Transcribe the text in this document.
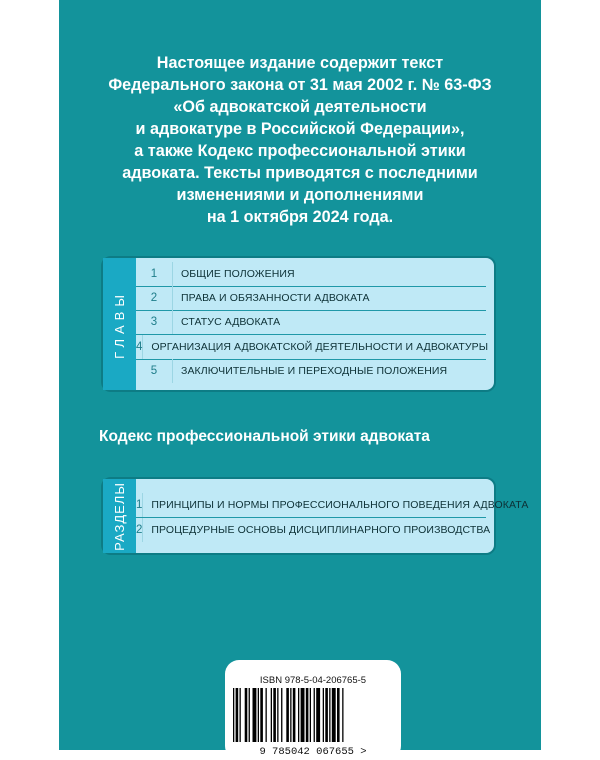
Настоящее издание содержит текст
Федерального закона от 31 мая 2002 г. № 63-ФЗ
«Об адвокатской деятельности
и адвокатуре в Российской Федерации»,
а также Кодекс профессиональной этики
адвоката. Тексты приводятся с последними
изменениями и дополнениями
на 1 октября 2024 года.
ГЛАВЫ
1	ОБЩИЕ ПОЛОЖЕНИЯ
2	ПРАВА И ОБЯЗАННОСТИ АДВОКАТА
3	СТАТУС АДВОКАТА
4 ОРГАНИЗАЦИЯ АДВОКАТСКОЙ ДЕЯТЕЛЬНОСТИ И АДВОКАТУРЫ
5	ЗАКЛЮЧИТЕЛЬНЫЕ И ПЕРЕХОДНЫЕ ПОЛОЖЕНИЯ
Кодекс профессиональной этики адвоката
РАЗДЕЛЫ 1 ПРИНЦИПЫ И НОРМЫ ПРОФЕССИОНАЛЬНОГО ПОВЕДЕНИЯ АДВОКАТА
2 ПРОЦЕДУРНЫЕ ОСНОВЫ ДИСЦИПЛИНАРНОГО ПРОИЗВОДСТВА
ISBN 978-5-04-206765-5
9 785042 067655 >
